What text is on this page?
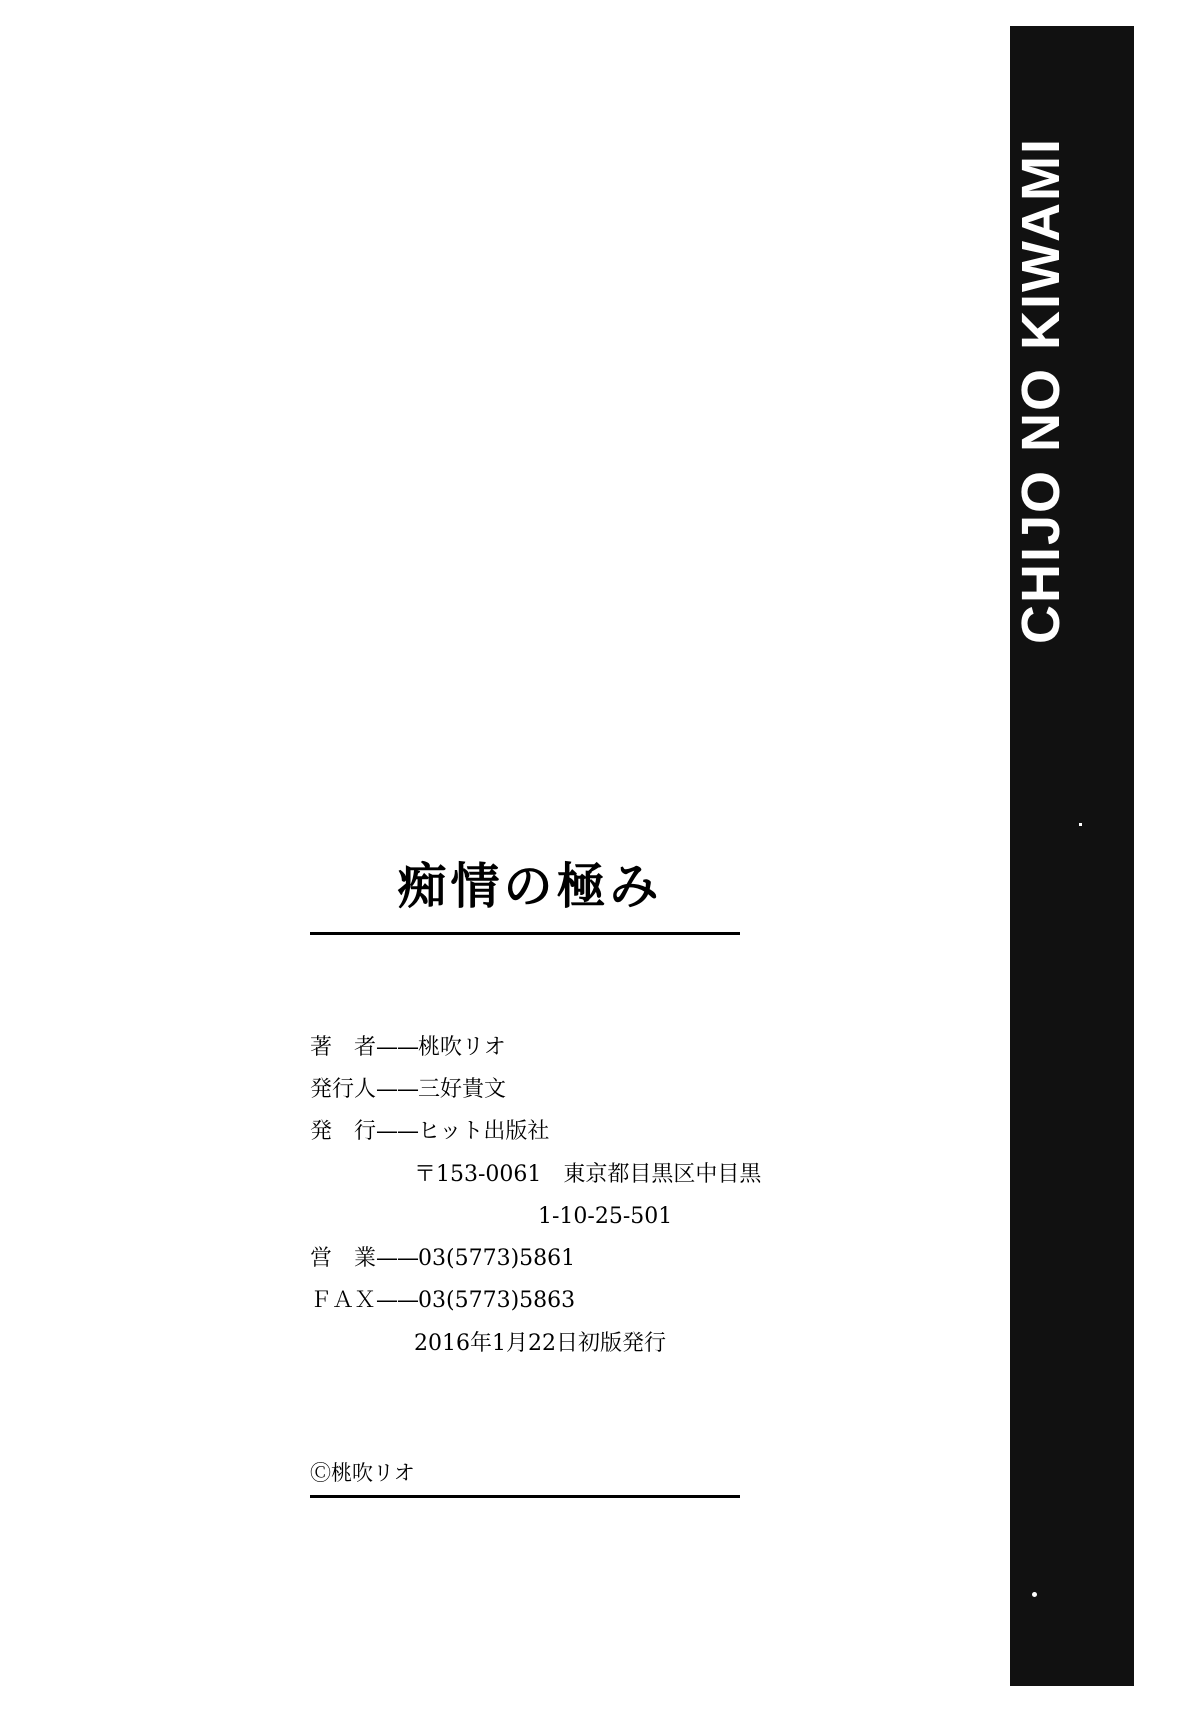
CHIJO NO KIWAMI
痴情の極み
著　者——桃吹リオ
発行人——三好貴文
発　行——ヒット出版社
〒153-0061　東京都目黒区中目黒
1-10-25-501
営　業——03(5773)5861
ＦＡＸ——03(5773)5863
2016年1月22日初版発行
Ⓒ桃吹リオ
